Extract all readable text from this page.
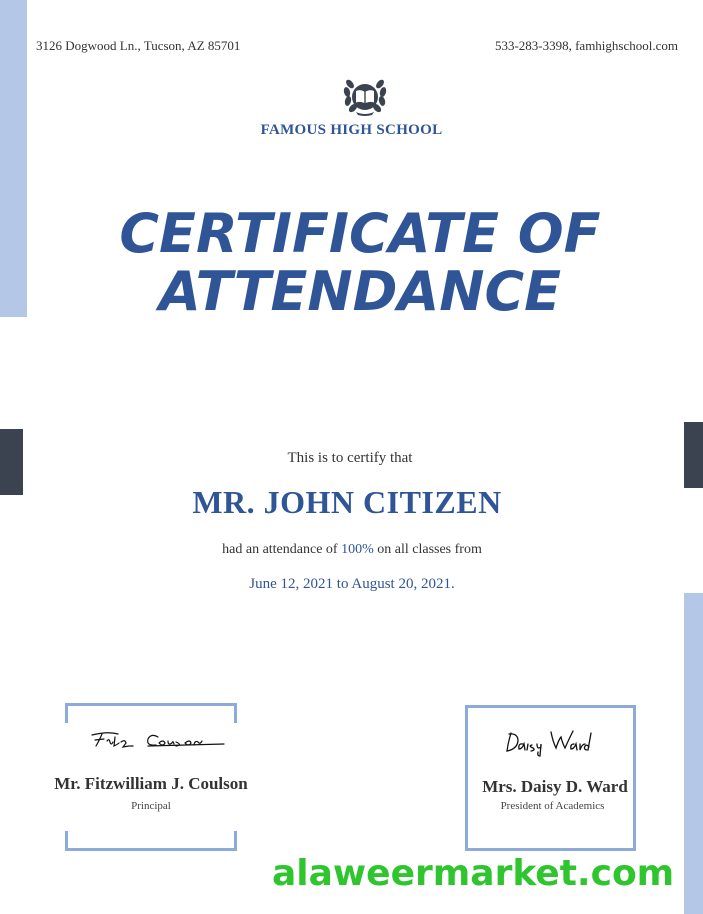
3126 Dogwood Ln., Tucson, AZ 85701	533-283-3398, famhighschool.com
FAMOUS HIGH SCHOOL
CERTIFICATE OF
ATTENDANCE
This is to certify that
MR. JOHN CITIZEN
had an attendance of 100% on all classes from
June 12, 2021 to August 20, 2021.
Mr. Fitzwilliam J. Coulson
Principal
Mrs. Daisy D. Ward
President of Academics
alaweermarket.com
